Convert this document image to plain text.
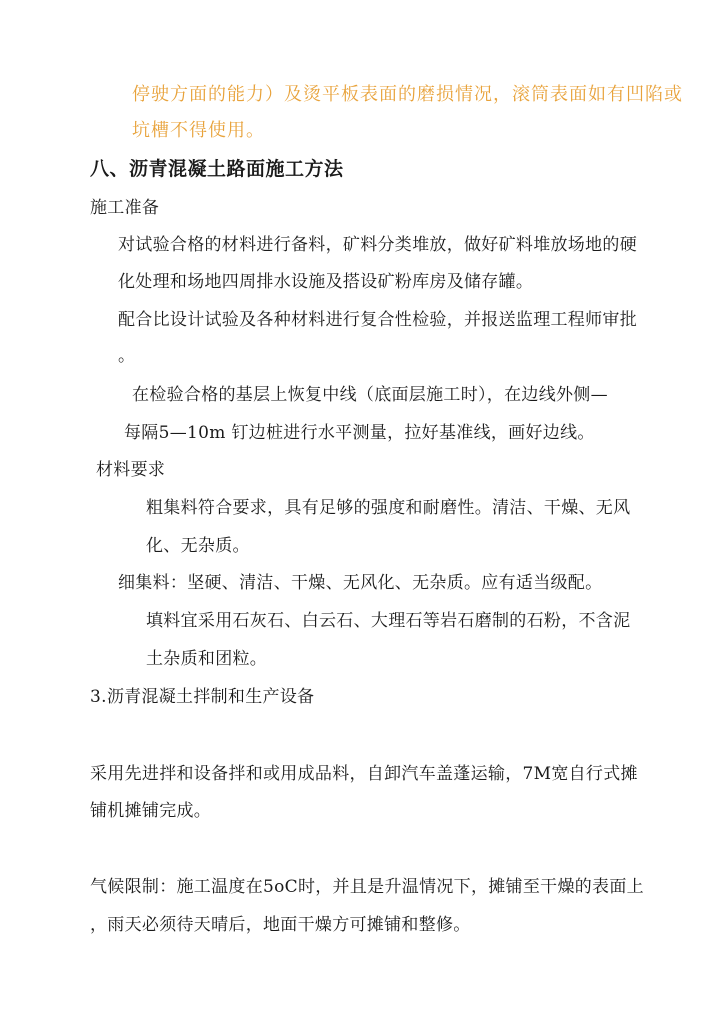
停驶方面的能力）及烫平板表面的磨损情况，滚筒表面如有凹陷或
坑槽不得使用。
八、沥青混凝土路面施工方法
施工准备
对试验合格的材料进行备料，矿料分类堆放，做好矿料堆放场地的硬
化处理和场地四周排水设施及搭设矿粉库房及储存罐。
配合比设计试验及各种材料进行复合性检验，并报送监理工程师审批
。
在检验合格的基层上恢复中线（底面层施工时），在边线外侧—
每隔5—10m 钉边桩进行水平测量，拉好基准线，画好边线。
材料要求
粗集料符合要求，具有足够的强度和耐磨性。清洁、干燥、无风
化、无杂质。
细集料：坚硬、清洁、干燥、无风化、无杂质。应有适当级配。
填料宜采用石灰石、白云石、大理石等岩石磨制的石粉，不含泥
土杂质和团粒。
3.沥青混凝土拌制和生产设备
采用先进拌和设备拌和或用成品料，自卸汽车盖蓬运输，7M宽自行式摊
铺机摊铺完成。
气候限制：施工温度在5oC时，并且是升温情况下，摊铺至干燥的表面上
，雨天必须待天晴后，地面干燥方可摊铺和整修。
